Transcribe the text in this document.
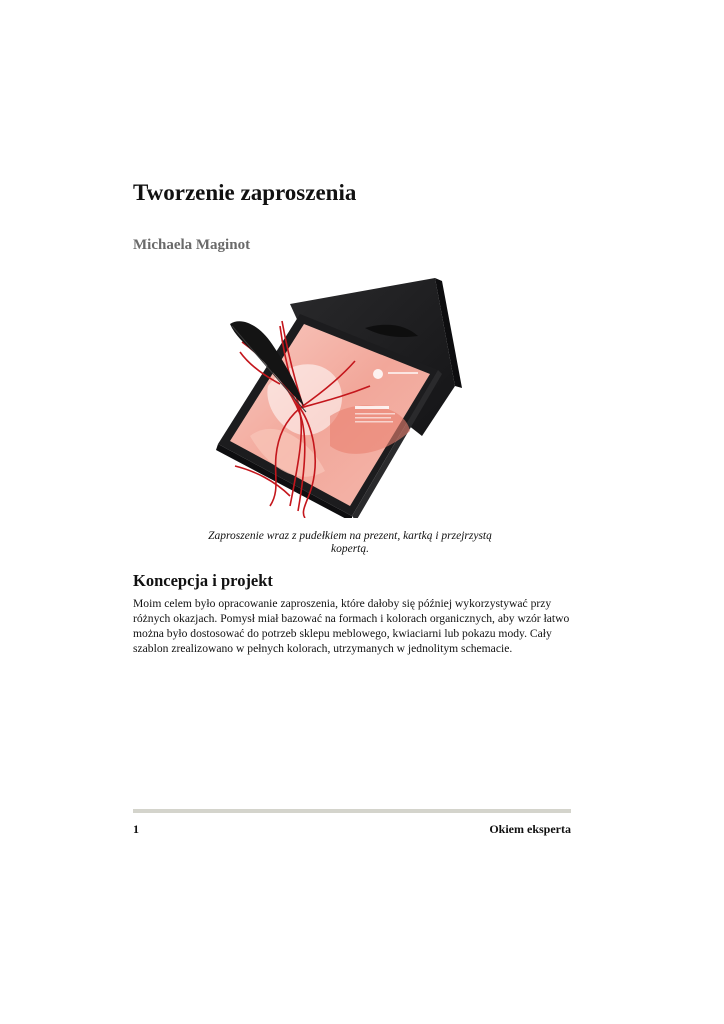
Tworzenie zaproszenia
Michaela Maginot
Zaproszenie wraz z pudełkiem na prezent, kartką i przejrzystą kopertą.
Koncepcja i projekt

Moim celem było opracowanie zaproszenia, które dałoby się później wykorzystywać przy różnych okazjach. Pomysł miał bazować na formach i kolorach organicznych, aby wzór łatwo można było dostosować do potrzeb sklepu meblowego, kwiaciarni lub pokazu mody. Cały szablon zrealizowano w pełnych kolorach, utrzymanych w jednolitym schemacie.

1	Okiem eksperta
